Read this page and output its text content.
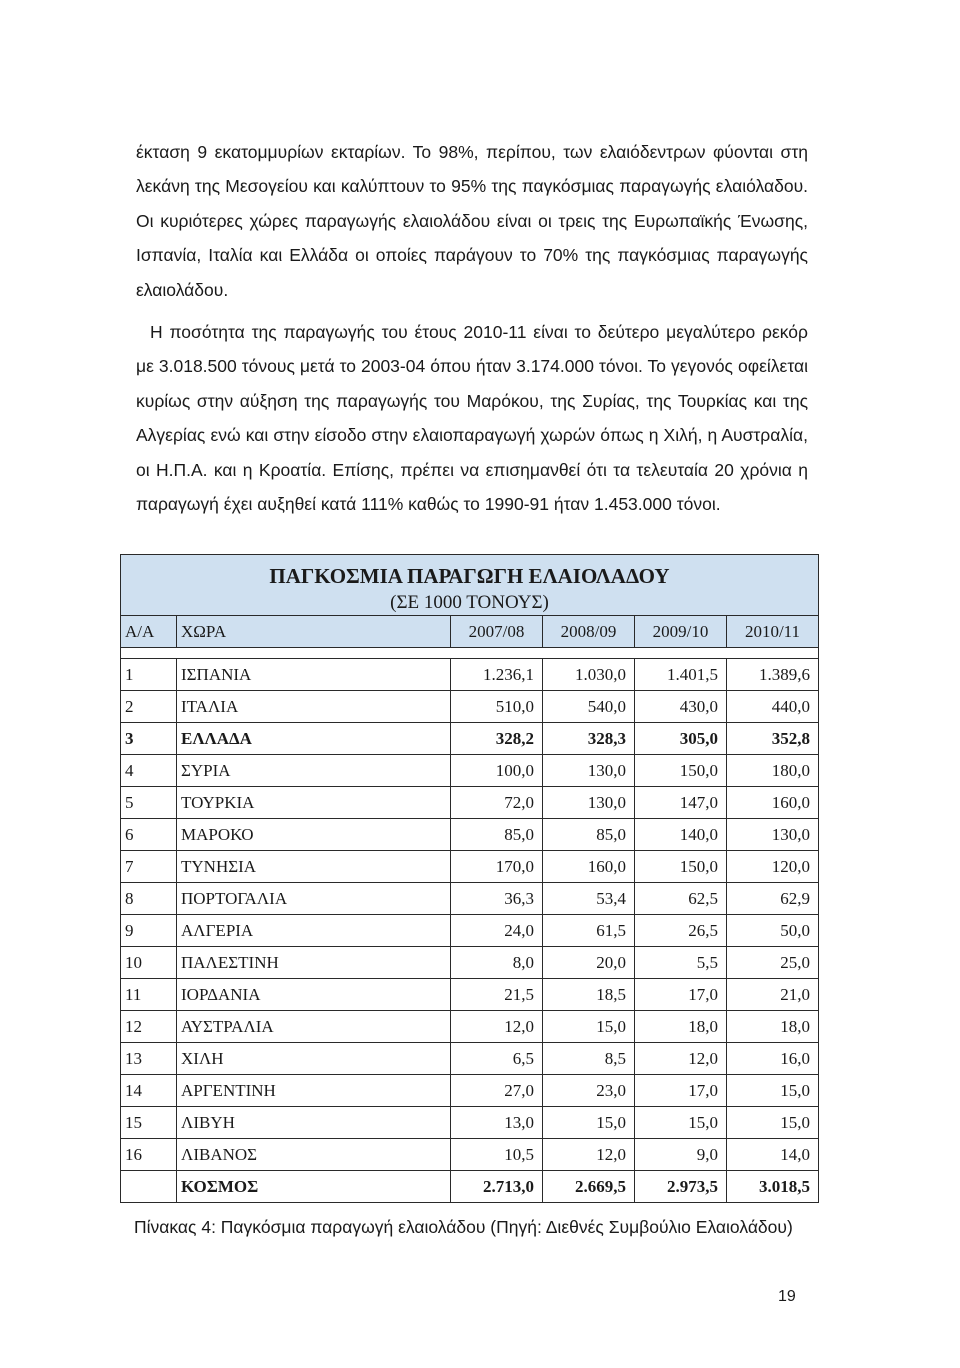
έκταση 9 εκατομμυρίων εκταρίων. Το 98%, περίπου, των ελαιόδεντρων φύονται στη λεκάνη της Μεσογείου και καλύπτουν το 95% της παγκόσμιας παραγωγής ελαιόλαδου. Οι κυριότερες χώρες παραγωγής ελαιολάδου είναι οι τρεις της Ευρωπαϊκής Ένωσης, Ισπανία, Ιταλία και Ελλάδα οι οποίες παράγουν το 70% της παγκόσμιας παραγωγής ελαιολάδου.

Η ποσότητα της παραγωγής του έτους 2010-11 είναι το δεύτερο μεγαλύτερο ρεκόρ με 3.018.500 τόνους μετά το 2003-04 όπου ήταν 3.174.000 τόνοι. Το γεγονός οφείλεται κυρίως στην αύξηση της παραγωγής του Μαρόκου, της Συρίας, της Τουρκίας και της Αλγερίας ενώ και στην είσοδο στην ελαιοπαραγωγή χωρών όπως η Χιλή, η Αυστραλία, οι Η.Π.Α. και η Κροατία. Επίσης, πρέπει να επισημανθεί ότι τα τελευταία 20 χρόνια η παραγωγή έχει αυξηθεί κατά 111% καθώς το 1990-91 ήταν 1.453.000 τόνοι.

ΠΑΓΚΟΣΜΙΑ ΠΑΡΑΓΩΓΗ ΕΛΑΙΟΛΑΔΟΥ
(ΣΕ 1000 ΤΟΝΟΥΣ)					

Α/Α	ΧΩΡΑ	2007/08	2008/09	2009/10	2010/11

1	ΙΣΠΑΝΙΑ	1.236,1	1.030,0	1.401,5	1.389,6
2	ΙΤΑΛΙΑ	510,0	540,0	430,0	440,0
3	ΕΛΛΑΔΑ	328,2	328,3	305,0	352,8
4	ΣΥΡΙΑ	100,0	130,0	150,0	180,0
5	ΤΟΥΡΚΙΑ	72,0	130,0	147,0	160,0
6	ΜΑΡΟΚΟ	85,0	85,0	140,0	130,0
7	ΤΥΝΗΣΙΑ	170,0	160,0	150,0	120,0
8	ΠΟΡΤΟΓΑΛΙΑ	36,3	53,4	62,5	62,9
9	ΑΛΓΕΡΙΑ	24,0	61,5	26,5	50,0
10	ΠΑΛΕΣΤΙΝΗ	8,0	20,0	5,5	25,0
11	ΙΟΡΔΑΝΙΑ	21,5	18,5	17,0	21,0
12	ΑΥΣΤΡΑΛΙΑ	12,0	15,0	18,0	18,0
13	ΧΙΛΗ	6,5	8,5	12,0	16,0
14	ΑΡΓΕΝΤΙΝΗ	27,0	23,0	17,0	15,0
15	ΛΙΒΥΗ	13,0	15,0	15,0	15,0
16	ΛΙΒΑΝΟΣ	10,5	12,0	9,0	14,0
	ΚΟΣΜΟΣ	2.713,0	2.669,5	2.973,5	3.018,5
Πίνακας 4: Παγκόσμια παραγωγή ελαιολάδου (Πηγή: Διεθνές Συμβούλιο Ελαιολάδου)
19
